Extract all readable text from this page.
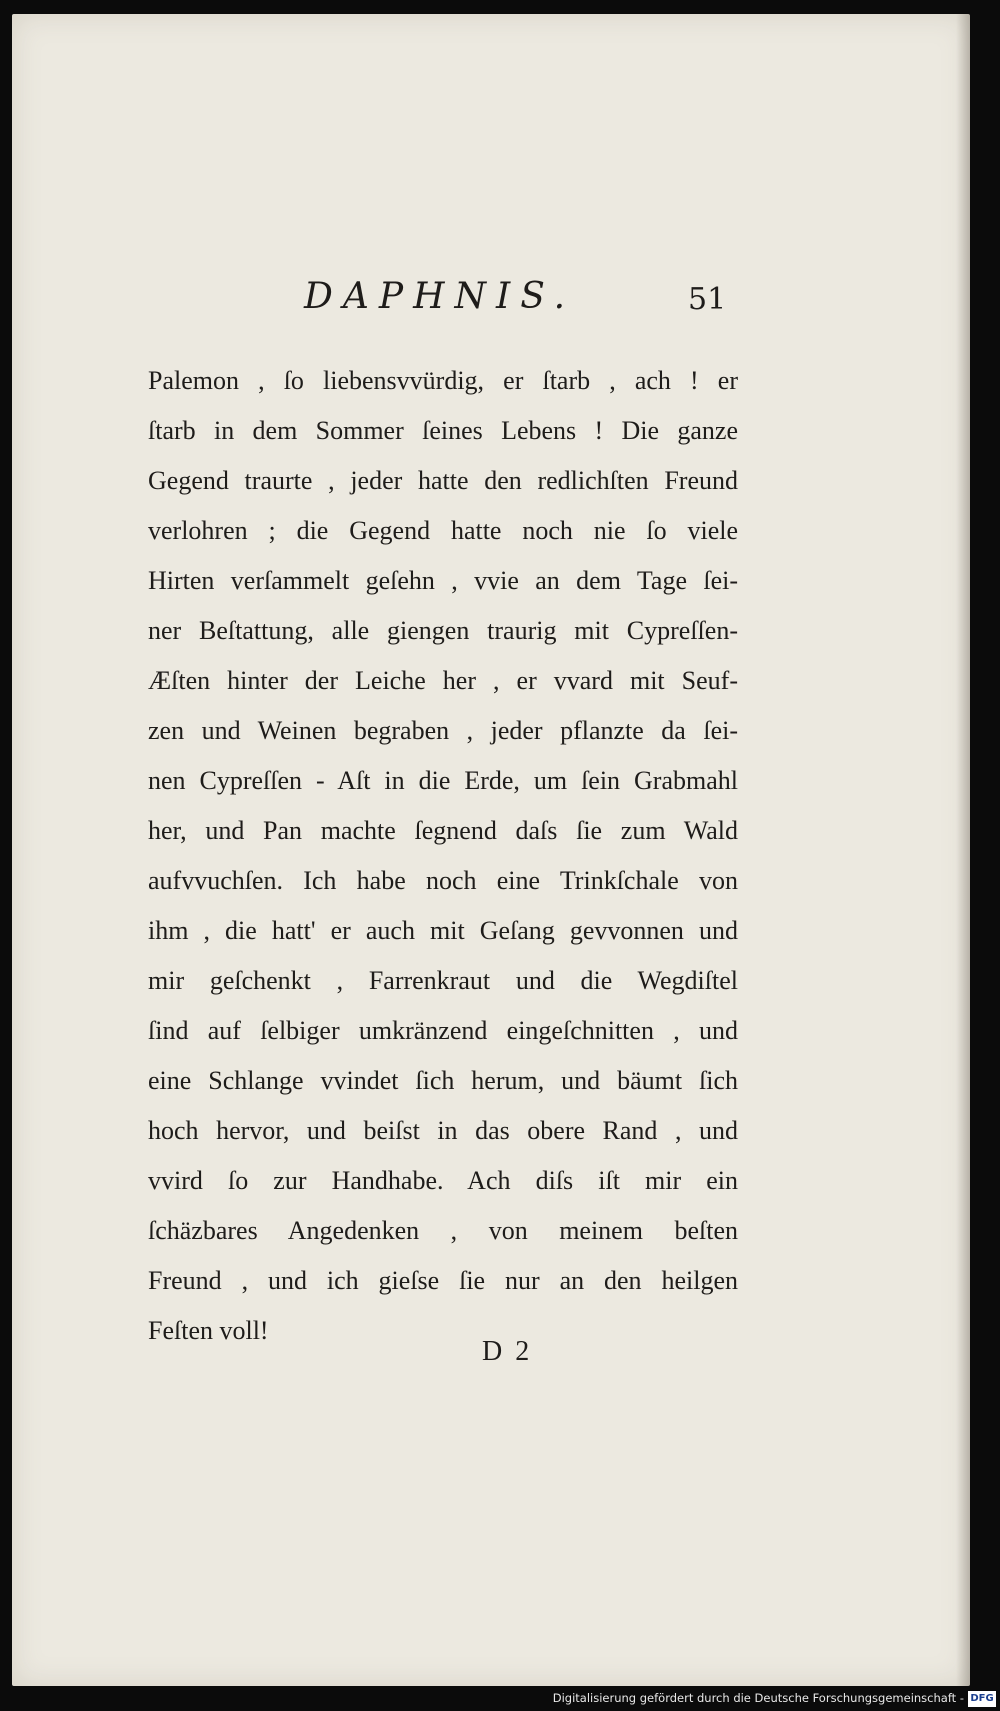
DAPHNIS.	51
Palemon , ſo liebensvvürdig, er ſtarb , ach ! er
ſtarb in dem Sommer ſeines Lebens ! Die ganze
Gegend traurte , jeder hatte den redlichſten Freund
verlohren ; die Gegend hatte noch nie ſo viele
Hirten verſammelt geſehn , vvie an dem Tage ſei-
ner Beſtattung, alle giengen traurig mit Cypreſſen-
Æſten hinter der Leiche her , er vvard mit Seuf-
zen und Weinen begraben , jeder pflanzte da ſei-
nen Cypreſſen - Aſt in die Erde, um ſein Grabmahl
her, und Pan machte ſegnend daſs ſie zum Wald
aufvvuchſen. Ich habe noch eine Trinkſchale von
ihm , die hatt' er auch mit Geſang gevvonnen und
mir geſchenkt , Farrenkraut und die Wegdiſtel
ſind auf ſelbiger umkränzend eingeſchnitten , und
eine Schlange vvindet ſich herum, und bäumt ſich
hoch hervor, und beiſst in das obere Rand , und
vvird ſo zur Handhabe. Ach diſs iſt mir ein
ſchäzbares Angedenken , von meinem beſten
Freund , und ich gieſse ſie nur an den heilgen
Feſten voll!
D 2
Digitalisierung gefördert durch die Deutsche Forschungsgemeinschaft - DFG
